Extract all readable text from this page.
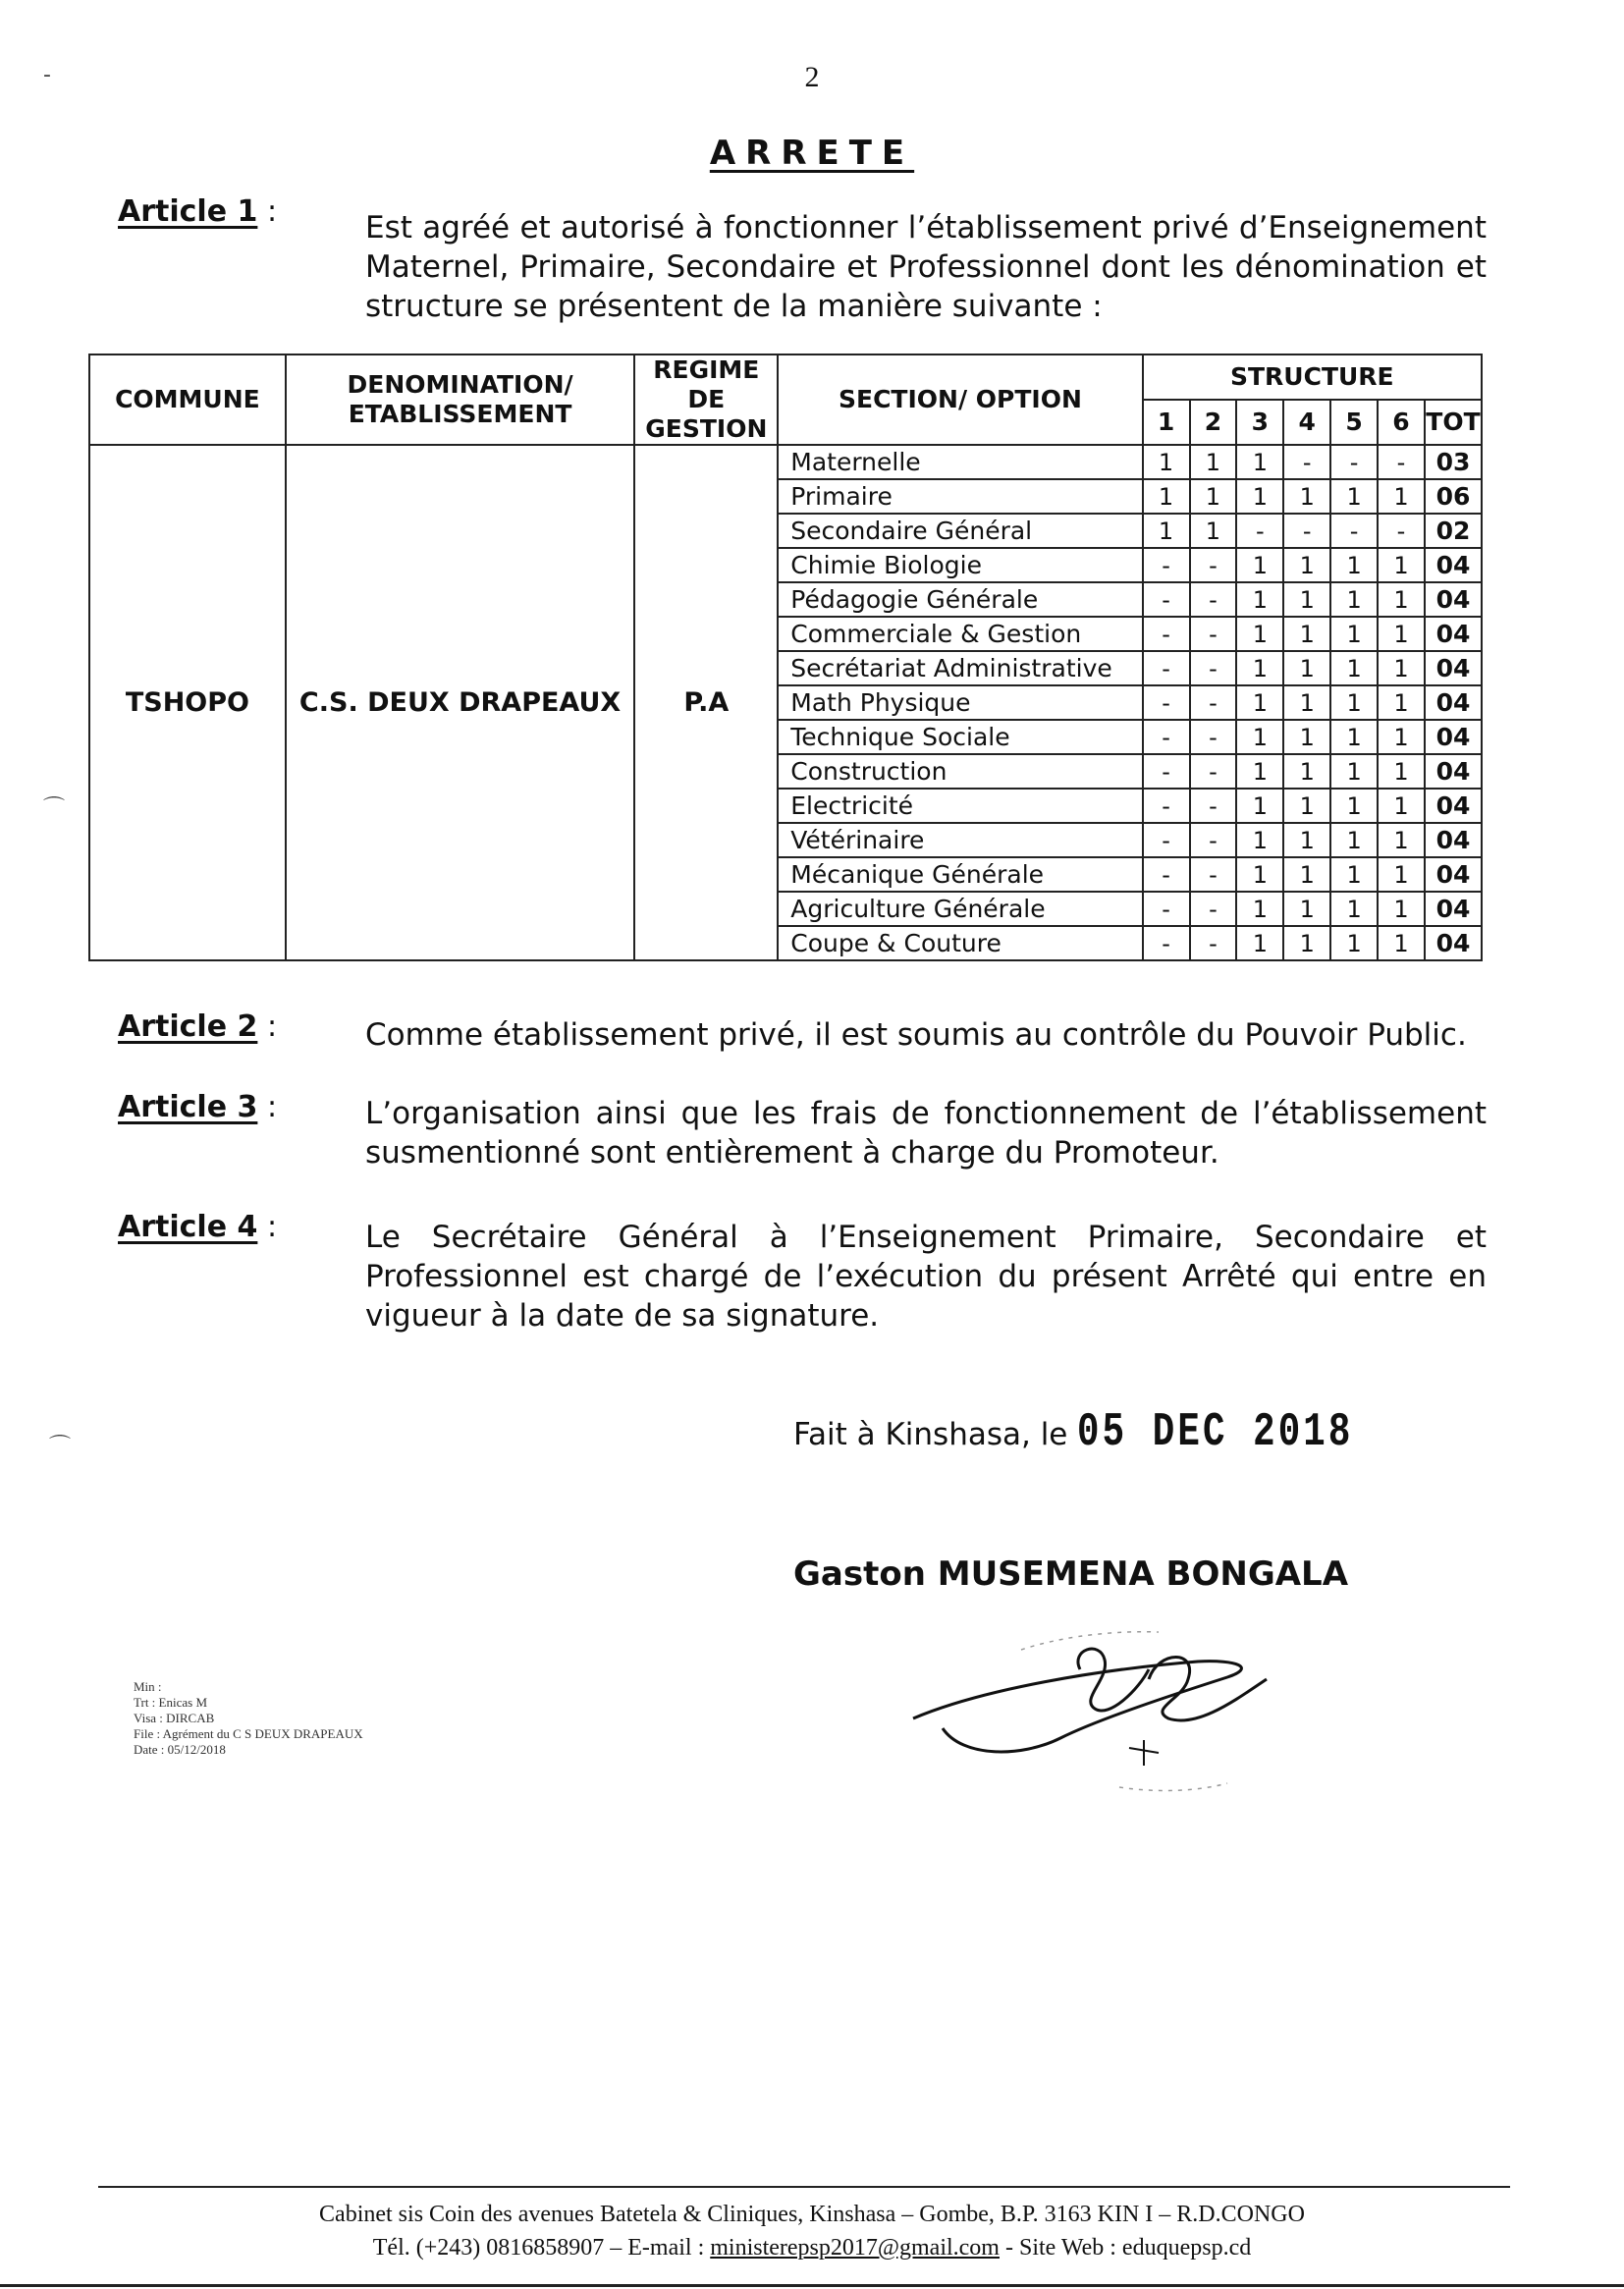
2
ARRETE
Article 1 :	Est agréé et autorisé à fonctionner l’établissement privé d’Enseignement Maternel, Primaire, Secondaire et Professionnel dont les dénomination et structure se présentent de la manière suivante :
COMMUNE	DENOMINATION/ ETABLISSEMENT	REGIME DE GESTION	SECTION/ OPTION	STRUCTURE						
				1	2	3	4	5	6	TOT
TSHOPO	C.S. DEUX DRAPEAUX	P.A	Maternelle	1	1	1	-	-	-	03
			Primaire	1	1	1	1	1	1	06
			Secondaire Général	1	1	-	-	-	-	02
			Chimie Biologie	-	-	1	1	1	1	04
			Pédagogie Générale	-	-	1	1	1	1	04
			Commerciale & Gestion	-	-	1	1	1	1	04
			Secrétariat Administrative	-	-	1	1	1	1	04
			Math Physique	-	-	1	1	1	1	04
			Technique Sociale	-	-	1	1	1	1	04
			Construction	-	-	1	1	1	1	04
			Electricité	-	-	1	1	1	1	04
			Vétérinaire	-	-	1	1	1	1	04
			Mécanique Générale	-	-	1	1	1	1	04
			Agriculture Générale	-	-	1	1	1	1	04
			Coupe & Couture	-	-	1	1	1	1	04
Article 2 :	Comme établissement privé, il est soumis au contrôle du Pouvoir Public.
Article 3 :	L’organisation ainsi que les frais de fonctionnement de l’établissement susmentionné sont entièrement à charge du Promoteur.
Article 4 :	Le Secrétaire Général à l’Enseignement Primaire, Secondaire et Professionnel est chargé de l’exécution du présent Arrêté qui entre en vigueur à la date de sa signature.
Fait à Kinshasa, le 05 DEC 2018
Gaston MUSEMENA BONGALA
Min :
Trt : Enicas M
Visa : DIRCAB
File : Agrément du C S DEUX DRAPEAUX
Date : 05/12/2018
Cabinet sis Coin des avenues Batetela & Cliniques, Kinshasa – Gombe, B.P. 3163 KIN I – R.D.CONGO
Tél. (+243) 0816858907 – E-mail : ministerepsp2017@gmail.com - Site Web : eduquepsp.cd
‐
⌒
⌒
